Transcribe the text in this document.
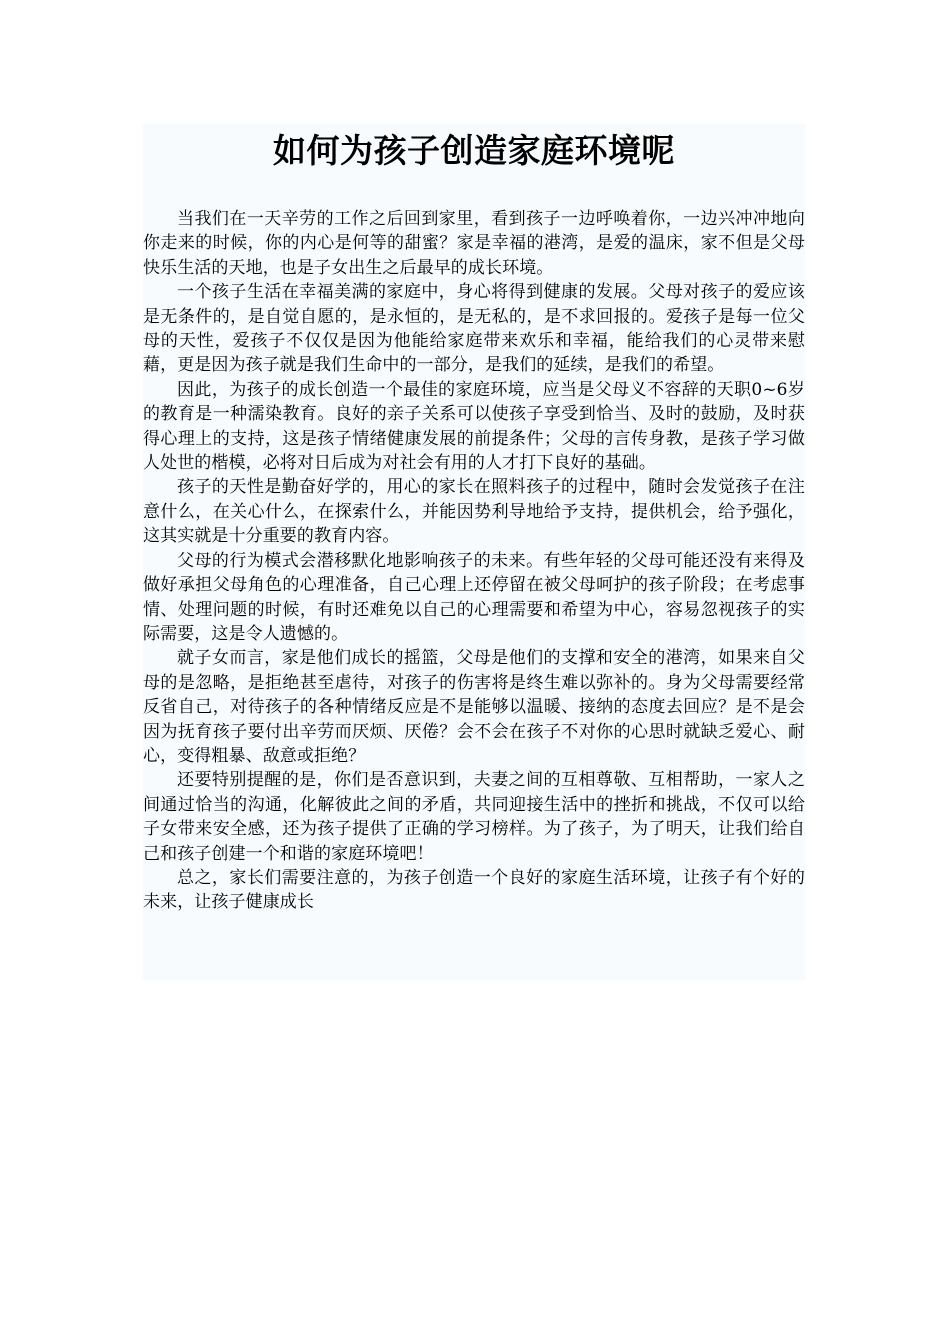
如何为孩子创造家庭环境呢

当我们在一天辛劳的工作之后回到家里，看到孩子一边呼唤着你，一边兴冲冲地向你走来的时候，你的内心是何等的甜蜜？家是幸福的港湾，是爱的温床，家不但是父母快乐生活的天地，也是子女出生之后最早的成长环境。

一个孩子生活在幸福美满的家庭中，身心将得到健康的发展。父母对孩子的爱应该是无条件的，是自觉自愿的，是永恒的，是无私的，是不求回报的。爱孩子是每一位父母的天性，爱孩子不仅仅是因为他能给家庭带来欢乐和幸福，能给我们的心灵带来慰藉，更是因为孩子就是我们生命中的一部分，是我们的延续，是我们的希望。

因此，为孩子的成长创造一个最佳的家庭环境，应当是父母义不容辞的天职0~6岁的教育是一种濡染教育。良好的亲子关系可以使孩子享受到恰当、及时的鼓励，及时获得心理上的支持，这是孩子情绪健康发展的前提条件；父母的言传身教，是孩子学习做人处世的楷模，必将对日后成为对社会有用的人才打下良好的基础。

孩子的天性是勤奋好学的，用心的家长在照料孩子的过程中，随时会发觉孩子在注意什么，在关心什么，在探索什么，并能因势利导地给予支持，提供机会，给予强化，这其实就是十分重要的教育内容。

父母的行为模式会潜移默化地影响孩子的未来。有些年轻的父母可能还没有来得及做好承担父母角色的心理准备，自己心理上还停留在被父母呵护的孩子阶段；在考虑事情、处理问题的时候，有时还难免以自己的心理需要和希望为中心，容易忽视孩子的实际需要，这是令人遗憾的。

就子女而言，家是他们成长的摇篮，父母是他们的支撑和安全的港湾，如果来自父母的是忽略，是拒绝甚至虐待，对孩子的伤害将是终生难以弥补的。身为父母需要经常反省自己，对待孩子的各种情绪反应是不是能够以温暖、接纳的态度去回应？是不是会因为抚育孩子要付出辛劳而厌烦、厌倦？会不会在孩子不对你的心思时就缺乏爱心、耐心，变得粗暴、敌意或拒绝？

还要特别提醒的是，你们是否意识到，夫妻之间的互相尊敬、互相帮助，一家人之间通过恰当的沟通，化解彼此之间的矛盾，共同迎接生活中的挫折和挑战，不仅可以给子女带来安全感，还为孩子提供了正确的学习榜样。为了孩子，为了明天，让我们给自己和孩子创建一个和谐的家庭环境吧！

总之，家长们需要注意的，为孩子创造一个良好的家庭生活环境，让孩子有个好的未来，让孩子健康成长
